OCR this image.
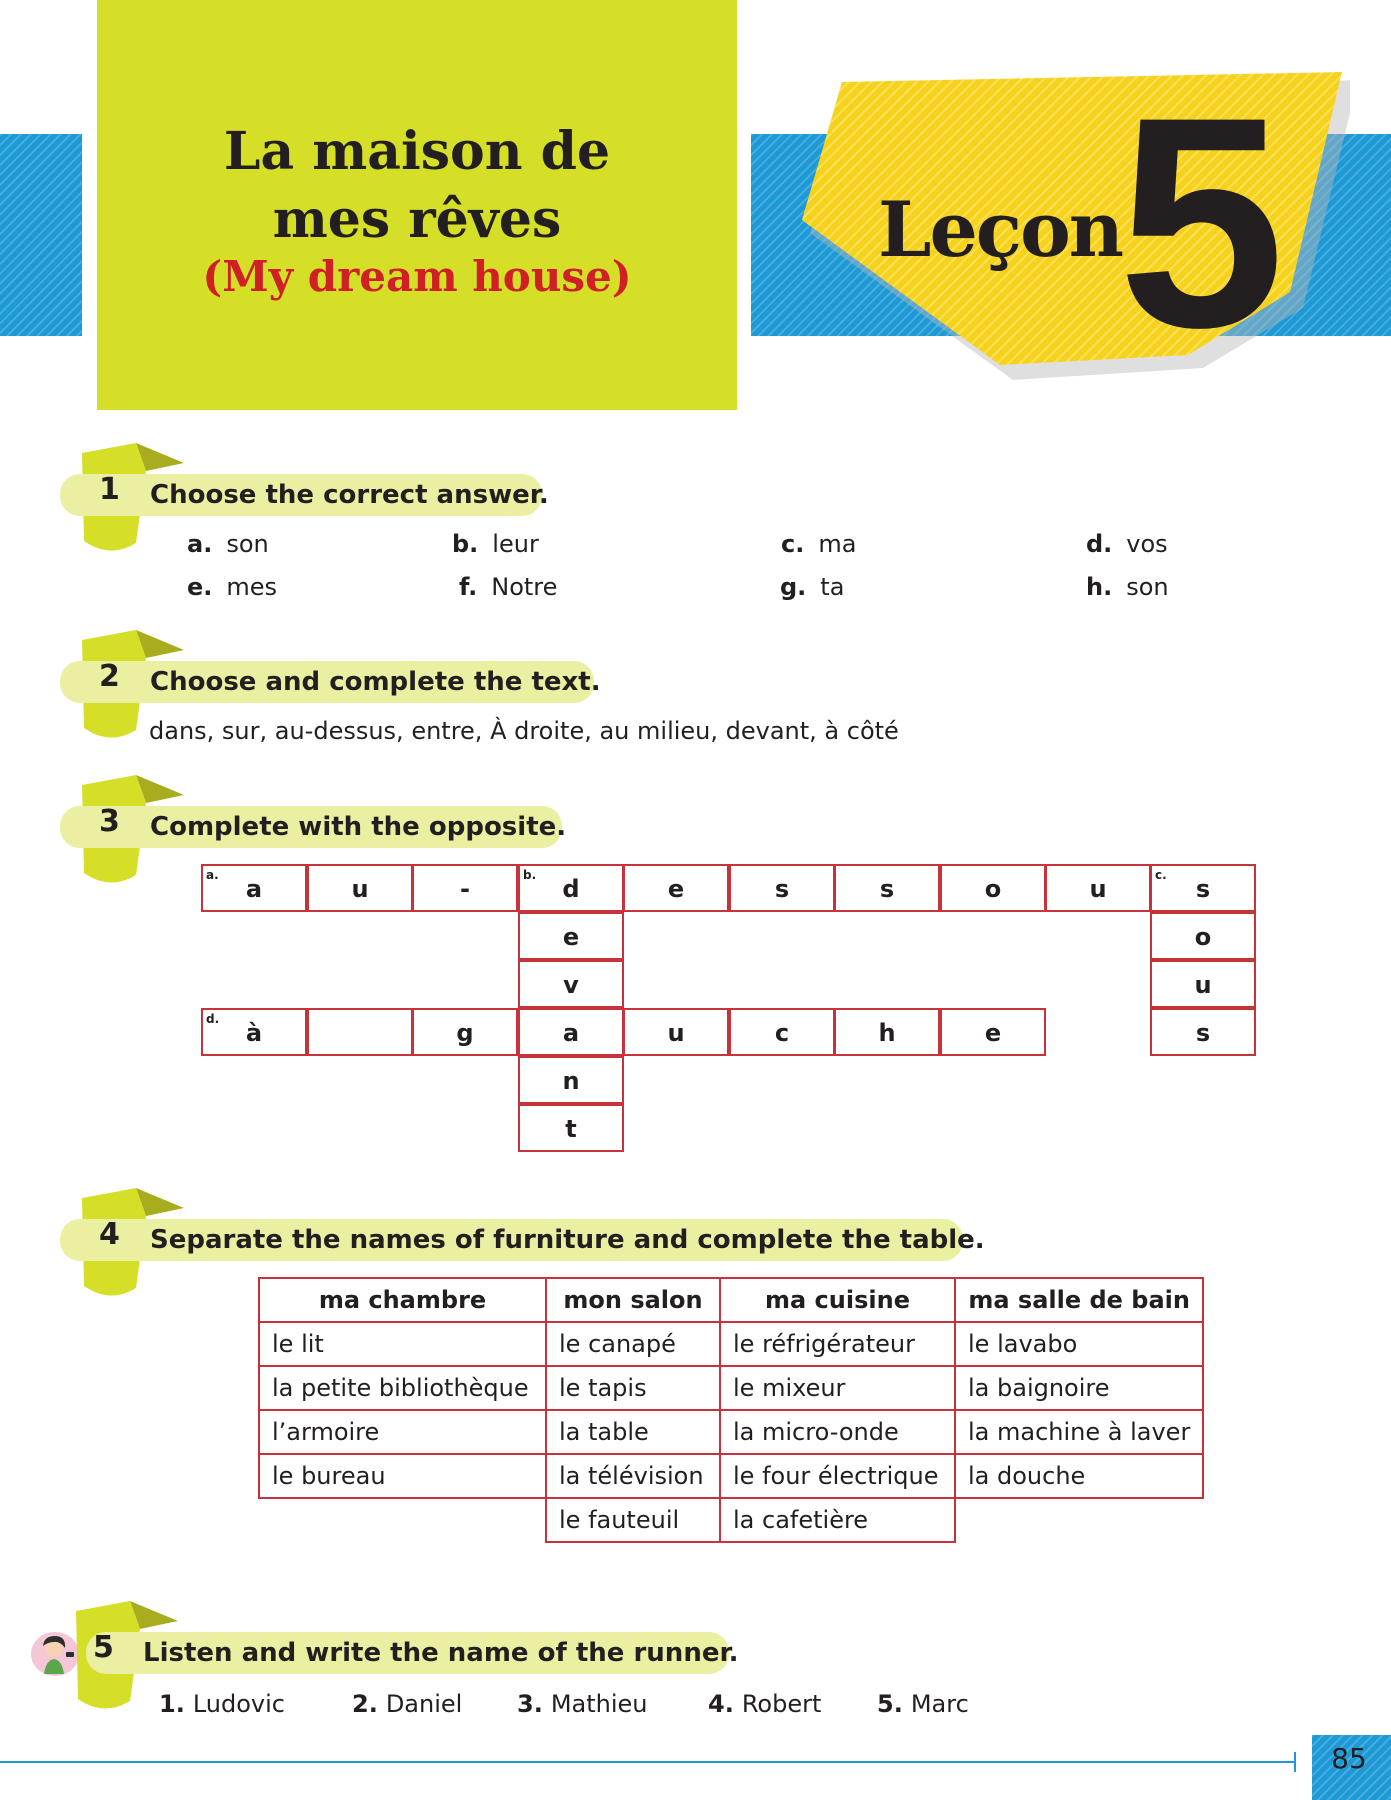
La maison de
mes rêves
(My dream house)
Leçon
5
1 Choose the correct answer.
a. son	b. leur	c. ma	d. vos
e. mes	f. Notre	g. ta	h. son
2 Choose and complete the text.
dans, sur, au-dessus, entre, À droite, au milieu, devant, à côté
3 Complete with the opposite.
a	u	-	d	e	s	s	o	u	s
e
v
n
t
o
u
s
à	g	a	u	c	h	e
a.	b.	c.
d.
4 Separate the names of furniture and complete the table.
ma chambre	mon salon	ma cuisine	ma salle de bain
le lit	le canapé	le réfrigérateur	le lavabo
la petite bibliothèque	le tapis	le mixeur	la baignoire
l’armoire	la table	la micro-onde	la machine à laver
le bureau	la télévision	le four électrique	la douche
	le fauteuil	la cafetière	
5 Listen and write the name of the runner.
1. Ludovic	2. Daniel 3. Mathieu	4. Robert 5. Marc
85
